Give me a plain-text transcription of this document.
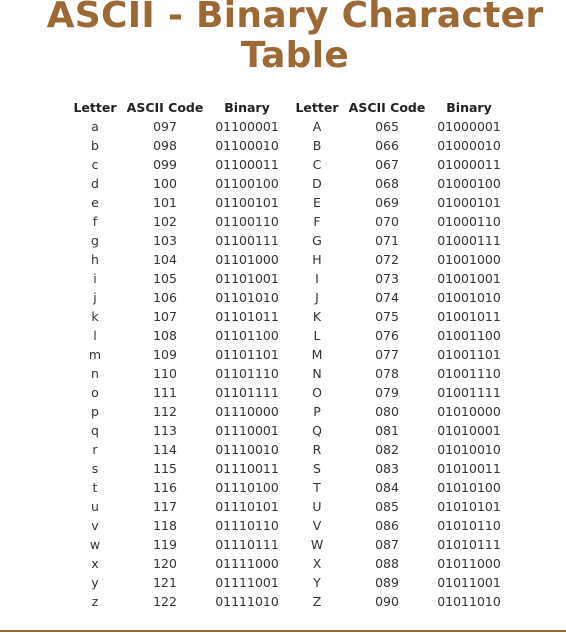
ASCII - Binary Character Table
Letter	ASCII Code	Binary	Letter	ASCII Code	Binary
a	097	01100001	A	065	01000001
b	098	01100010	B	066	01000010
c	099	01100011	C	067	01000011
d	100	01100100	D	068	01000100
e	101	01100101	E	069	01000101
f	102	01100110	F	070	01000110
g	103	01100111	G	071	01000111
h	104	01101000	H	072	01001000
i	105	01101001	I	073	01001001
j	106	01101010	J	074	01001010
k	107	01101011	K	075	01001011
l	108	01101100	L	076	01001100
m	109	01101101	M	077	01001101
n	110	01101110	N	078	01001110
o	111	01101111	O	079	01001111
p	112	01110000	P	080	01010000
q	113	01110001	Q	081	01010001
r	114	01110010	R	082	01010010
s	115	01110011	S	083	01010011
t	116	01110100	T	084	01010100
u	117	01110101	U	085	01010101
v	118	01110110	V	086	01010110
w	119	01110111	W	087	01010111
x	120	01111000	X	088	01011000
y	121	01111001	Y	089	01011001
z	122	01111010	Z	090	01011010
